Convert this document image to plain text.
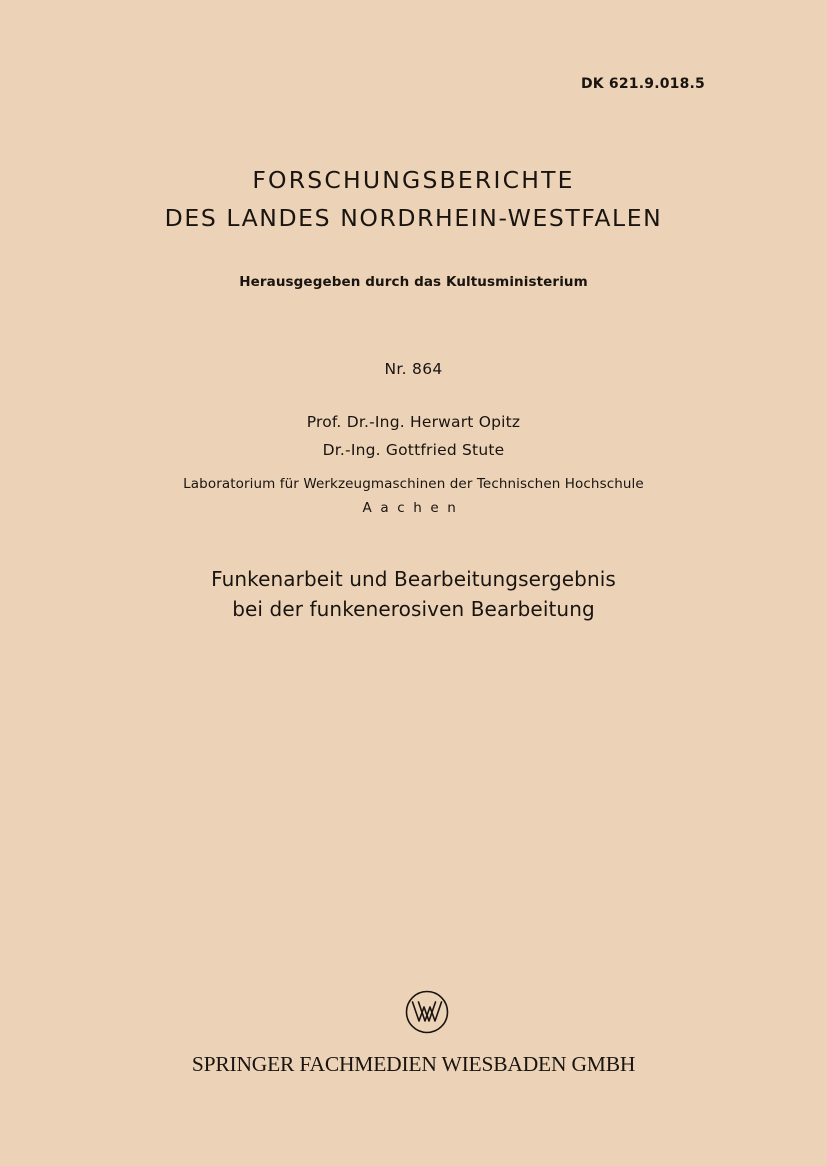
DK 621.9.018.5
FORSCHUNGSBERICHTE
DES LANDES NORDRHEIN-WESTFALEN
Herausgegeben durch das Kultusministerium
Nr. 864
Prof. Dr.-Ing. Herwart Opitz
Dr.-Ing. Gottfried Stute
Laboratorium für Werkzeugmaschinen der Technischen Hochschule
Aachen
Funkenarbeit und Bearbeitungsergebnis
bei der funkenerosiven Bearbeitung
SPRINGER FACHMEDIEN WIESBADEN GMBH
